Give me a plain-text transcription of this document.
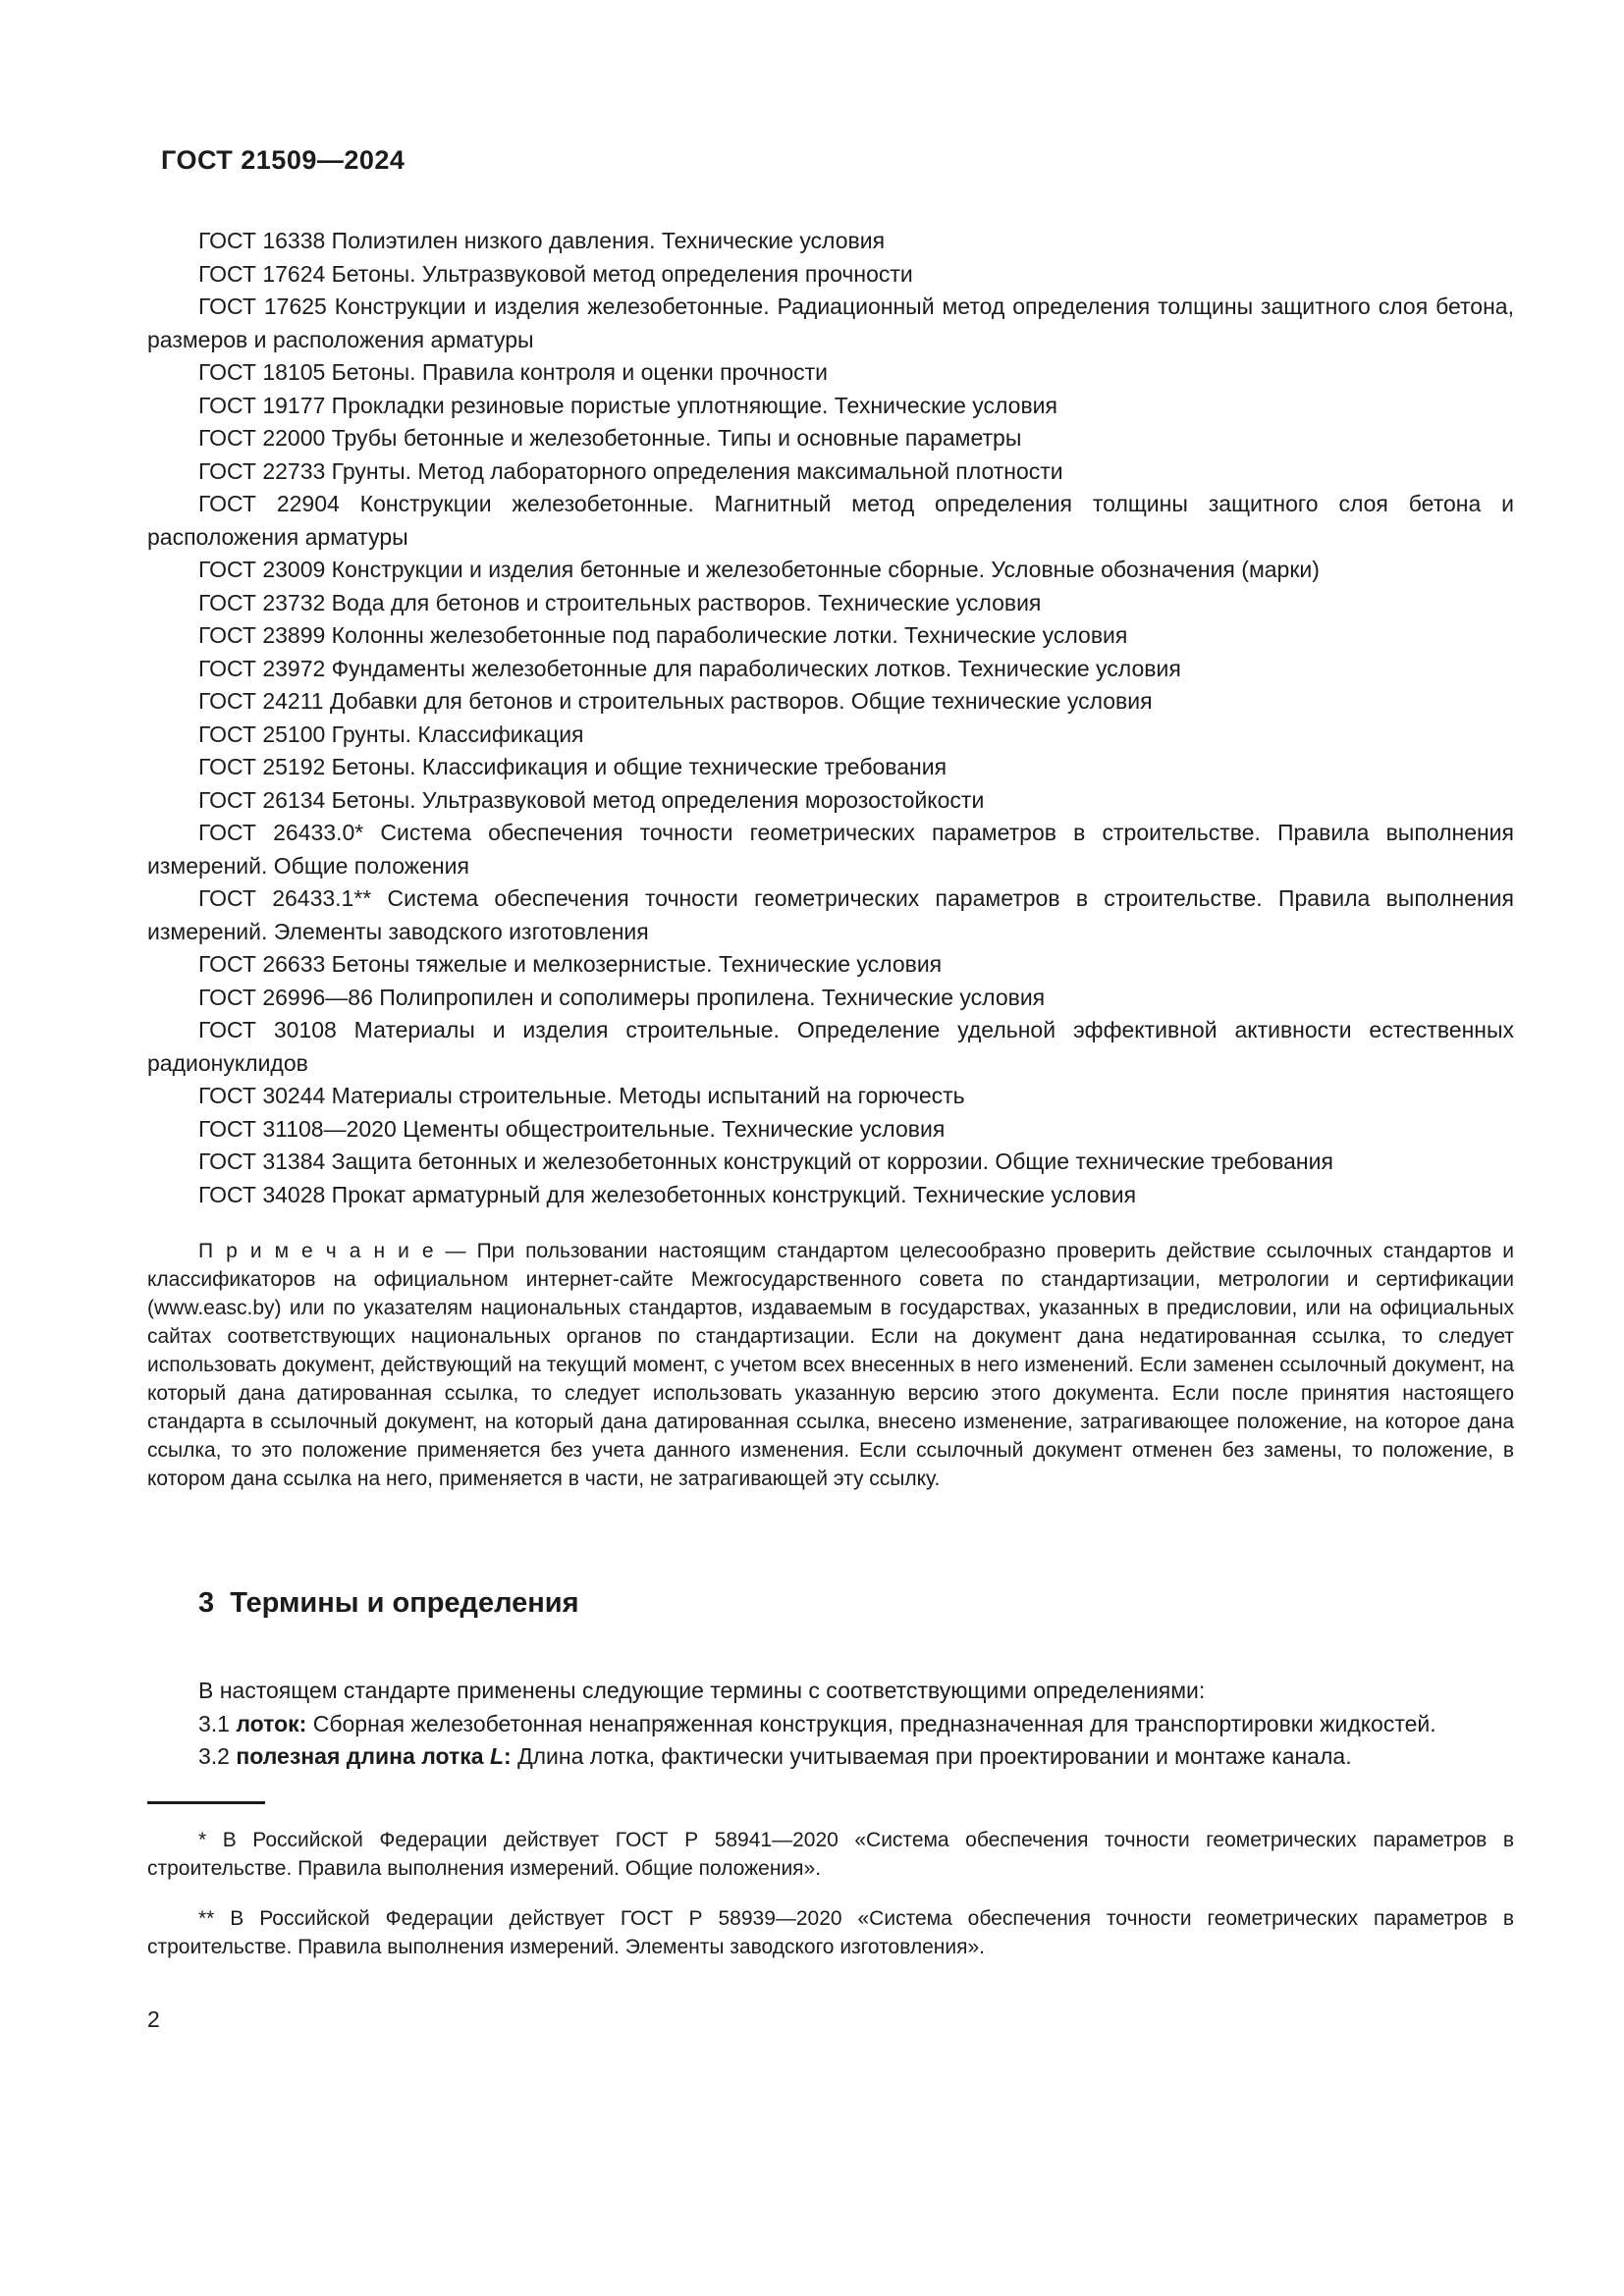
ГОСТ 21509—2024

ГОСТ 16338 Полиэтилен низкого давления. Технические условия

ГОСТ 17624 Бетоны. Ультразвуковой метод определения прочности

ГОСТ 17625 Конструкции и изделия железобетонные. Радиационный метод определения толщины защитного слоя бетона, размеров и расположения арматуры

ГОСТ 18105 Бетоны. Правила контроля и оценки прочности

ГОСТ 19177 Прокладки резиновые пористые уплотняющие. Технические условия

ГОСТ 22000 Трубы бетонные и железобетонные. Типы и основные параметры

ГОСТ 22733 Грунты. Метод лабораторного определения максимальной плотности

ГОСТ 22904 Конструкции железобетонные. Магнитный метод определения толщины защитного слоя бетона и расположения арматуры

ГОСТ 23009 Конструкции и изделия бетонные и железобетонные сборные. Условные обозначения (марки)

ГОСТ 23732 Вода для бетонов и строительных растворов. Технические условия

ГОСТ 23899 Колонны железобетонные под параболические лотки. Технические условия

ГОСТ 23972 Фундаменты железобетонные для параболических лотков. Технические условия

ГОСТ 24211 Добавки для бетонов и строительных растворов. Общие технические условия

ГОСТ 25100 Грунты. Классификация

ГОСТ 25192 Бетоны. Классификация и общие технические требования

ГОСТ 26134 Бетоны. Ультразвуковой метод определения морозостойкости

ГОСТ 26433.0* Система обеспечения точности геометрических параметров в строительстве. Правила выполнения измерений. Общие положения

ГОСТ 26433.1** Система обеспечения точности геометрических параметров в строительстве. Правила выполнения измерений. Элементы заводского изготовления

ГОСТ 26633 Бетоны тяжелые и мелкозернистые. Технические условия

ГОСТ 26996—86 Полипропилен и сополимеры пропилена. Технические условия

ГОСТ 30108 Материалы и изделия строительные. Определение удельной эффективной активности естественных радионуклидов

ГОСТ 30244 Материалы строительные. Методы испытаний на горючесть

ГОСТ 31108—2020 Цементы общестроительные. Технические условия

ГОСТ 31384 Защита бетонных и железобетонных конструкций от коррозии. Общие технические требования

ГОСТ 34028 Прокат арматурный для железобетонных конструкций. Технические условия

П р и м е ч а н и е — При пользовании настоящим стандартом целесообразно проверить действие ссылочных стандартов и классификаторов на официальном интернет-сайте Межгосударственного совета по стандартизации, метрологии и сертификации (www.easc.by) или по указателям национальных стандартов, издаваемым в государствах, указанных в предисловии, или на официальных сайтах соответствующих национальных органов по стандартизации. Если на документ дана недатированная ссылка, то следует использовать документ, действующий на текущий момент, с учетом всех внесенных в него изменений. Если заменен ссылочный документ, на который дана датированная ссылка, то следует использовать указанную версию этого документа. Если после принятия настоящего стандарта в ссылочный документ, на который дана датированная ссылка, внесено изменение, затрагивающее положение, на которое дана ссылка, то это положение применяется без учета данного изменения. Если ссылочный документ отменен без замены, то положение, в котором дана ссылка на него, применяется в части, не затрагивающей эту ссылку.

3  Термины и определения

В настоящем стандарте применены следующие термины с соответствующими определениями:

3.1 лоток: Сборная железобетонная ненапряженная конструкция, предназначенная для транспортировки жидкостей.

3.2 полезная длина лотка L: Длина лотка, фактически учитываемая при проектировании и монтаже канала.

* В Российской Федерации действует ГОСТ Р 58941—2020 «Система обеспечения точности геометрических параметров в строительстве. Правила выполнения измерений. Общие положения».

** В Российской Федерации действует ГОСТ Р 58939—2020 «Система обеспечения точности геометрических параметров в строительстве. Правила выполнения измерений. Элементы заводского изготовления».

2
